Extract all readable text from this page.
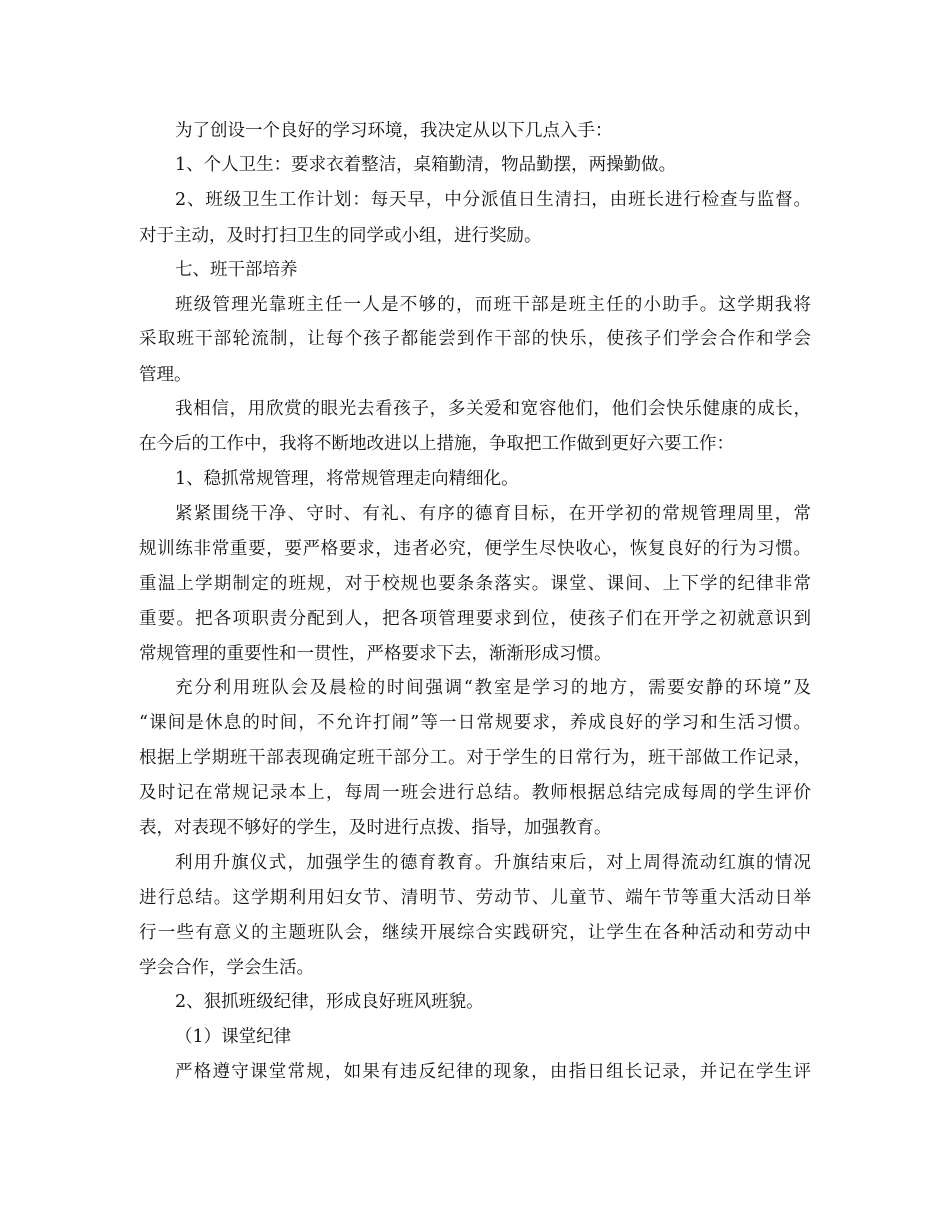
为了创设一个良好的学习环境，我决定从以下几点入手：
1、个人卫生：要求衣着整洁，桌箱勤清，物品勤摆，两操勤做。
2、班级卫生工作计划：每天早，中分派值日生清扫，由班长进行检查与监督。
对于主动，及时打扫卫生的同学或小组，进行奖励。
七、班干部培养
班级管理光靠班主任一人是不够的，而班干部是班主任的小助手。这学期我将
采取班干部轮流制，让每个孩子都能尝到作干部的快乐，使孩子们学会合作和学会
管理。
我相信，用欣赏的眼光去看孩子，多关爱和宽容他们，他们会快乐健康的成长，
在今后的工作中，我将不断地改进以上措施，争取把工作做到更好六要工作：
1、稳抓常规管理，将常规管理走向精细化。
紧紧围绕干净、守时、有礼、有序的德育目标，在开学初的常规管理周里，常
规训练非常重要，要严格要求，违者必究，便学生尽快收心，恢复良好的行为习惯。
重温上学期制定的班规，对于校规也要条条落实。课堂、课间、上下学的纪律非常
重要。把各项职责分配到人，把各项管理要求到位，使孩子们在开学之初就意识到
常规管理的重要性和一贯性，严格要求下去，渐渐形成习惯。
充分利用班队会及晨检的时间强调“教室是学习的地方，需要安静的环境”及
“课间是休息的时间，不允许打闹”等一日常规要求，养成良好的学习和生活习惯。
根据上学期班干部表现确定班干部分工。对于学生的日常行为，班干部做工作记录，
及时记在常规记录本上，每周一班会进行总结。教师根据总结完成每周的学生评价
表，对表现不够好的学生，及时进行点拨、指导，加强教育。
利用升旗仪式，加强学生的德育教育。升旗结束后，对上周得流动红旗的情况
进行总结。这学期利用妇女节、清明节、劳动节、儿童节、端午节等重大活动日举
行一些有意义的主题班队会，继续开展综合实践研究，让学生在各种活动和劳动中
学会合作，学会生活。
2、狠抓班级纪律，形成良好班风班貌。
（1）课堂纪律
严格遵守课堂常规，如果有违反纪律的现象，由指日组长记录，并记在学生评
